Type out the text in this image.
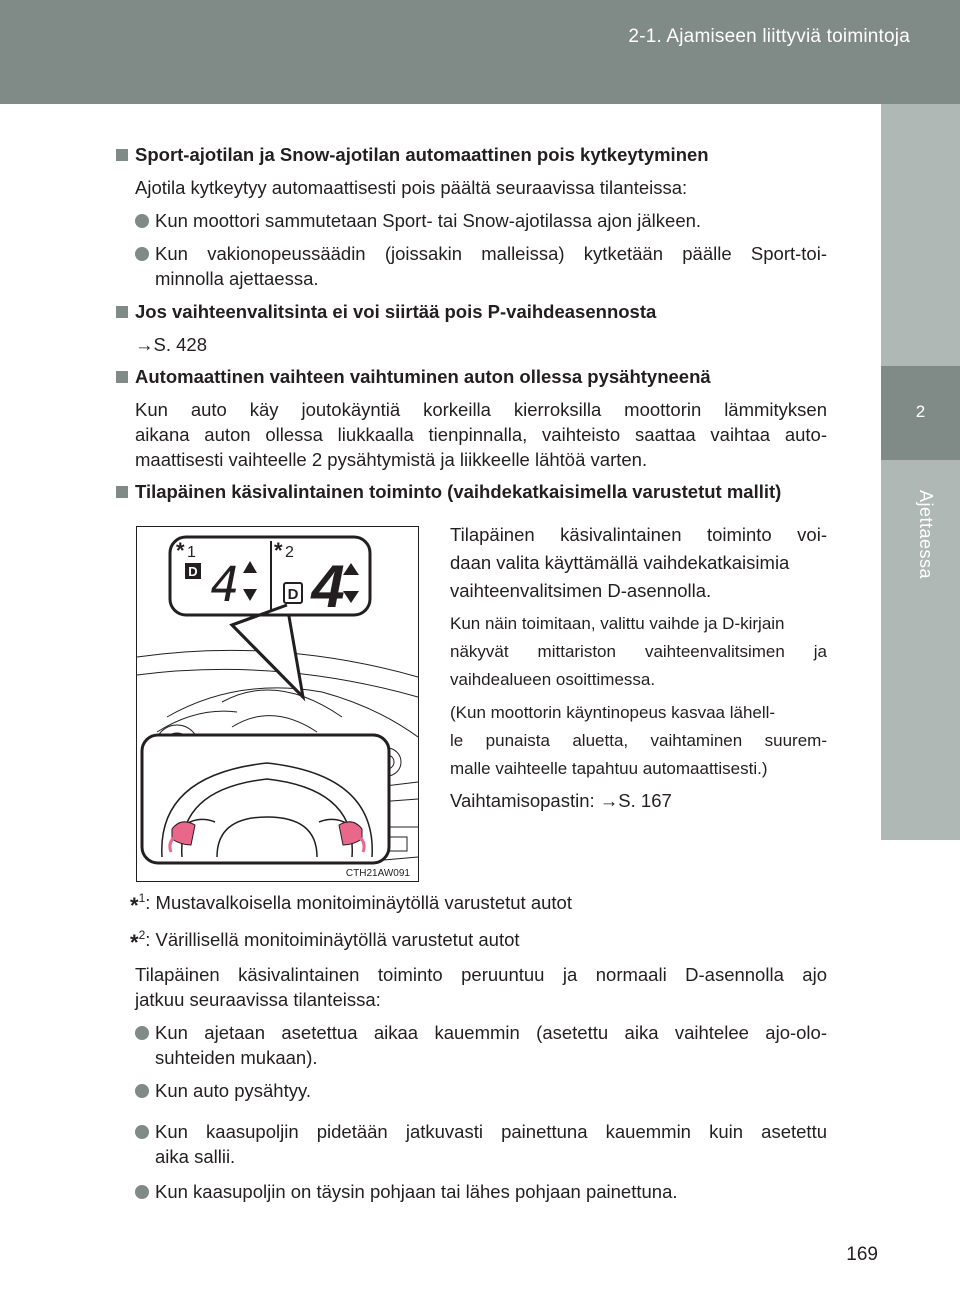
2-1. Ajamiseen liittyviä toimintoja
2
Ajettaessa
Sport-ajotilan ja Snow-ajotilan automaattinen pois kytkeytyminen
Ajotila kytkeytyy automaattisesti pois päältä seuraavissa tilanteissa:
Kun moottori sammutetaan Sport- tai Snow-ajotilassa ajon jälkeen.
Kun vakionopeussäädin (joissakin malleissa) kytketään päälle Sport-toi-
minnolla ajettaessa.
Jos vaihteenvalitsinta ei voi siirtää pois P-vaihdeasennosta
→S. 428
Automaattinen vaihteen vaihtuminen auton ollessa pysähtyneenä
Kun auto käy joutokäyntiä korkeilla kierroksilla moottorin lämmityksen
aikana auton ollessa liukkaalla tienpinnalla, vaihteisto saattaa vaihtaa auto-
maattisesti vaihteelle 2 pysähtymistä ja liikkeelle lähtöä varten.
Tilapäinen käsivalintainen toiminto (vaihdekatkaisimella varustetut mallit)
* 1	* 2
D 4	D 4
CTH21AW091
Tilapäinen käsivalintainen toiminto voi-
daan valita käyttämällä vaihdekatkaisimia
vaihteenvalitsimen D-asennolla.
Kun näin toimitaan, valittu vaihde ja D-kirjain
näkyvät mittariston vaihteenvalitsimen ja
vaihdealueen osoittimessa.
(Kun moottorin käyntinopeus kasvaa lähell-
le punaista aluetta, vaihtaminen suurem-
malle vaihteelle tapahtuu automaattisesti.)
Vaihtamisopastin: →S. 167
*$^1$: Mustavalkoisella monitoiminäytöllä varustetut autot
*$^2$: Värillisellä monitoiminäytöllä varustetut autot
Tilapäinen käsivalintainen toiminto peruuntuu ja normaali D-asennolla ajo
jatkuu seuraavissa tilanteissa:
Kun ajetaan asetettua aikaa kauemmin (asetettu aika vaihtelee ajo-olo-
suhteiden mukaan).
Kun auto pysähtyy.
Kun kaasupoljin pidetään jatkuvasti painettuna kauemmin kuin asetettu
aika sallii.
Kun kaasupoljin on täysin pohjaan tai lähes pohjaan painettuna.
169
